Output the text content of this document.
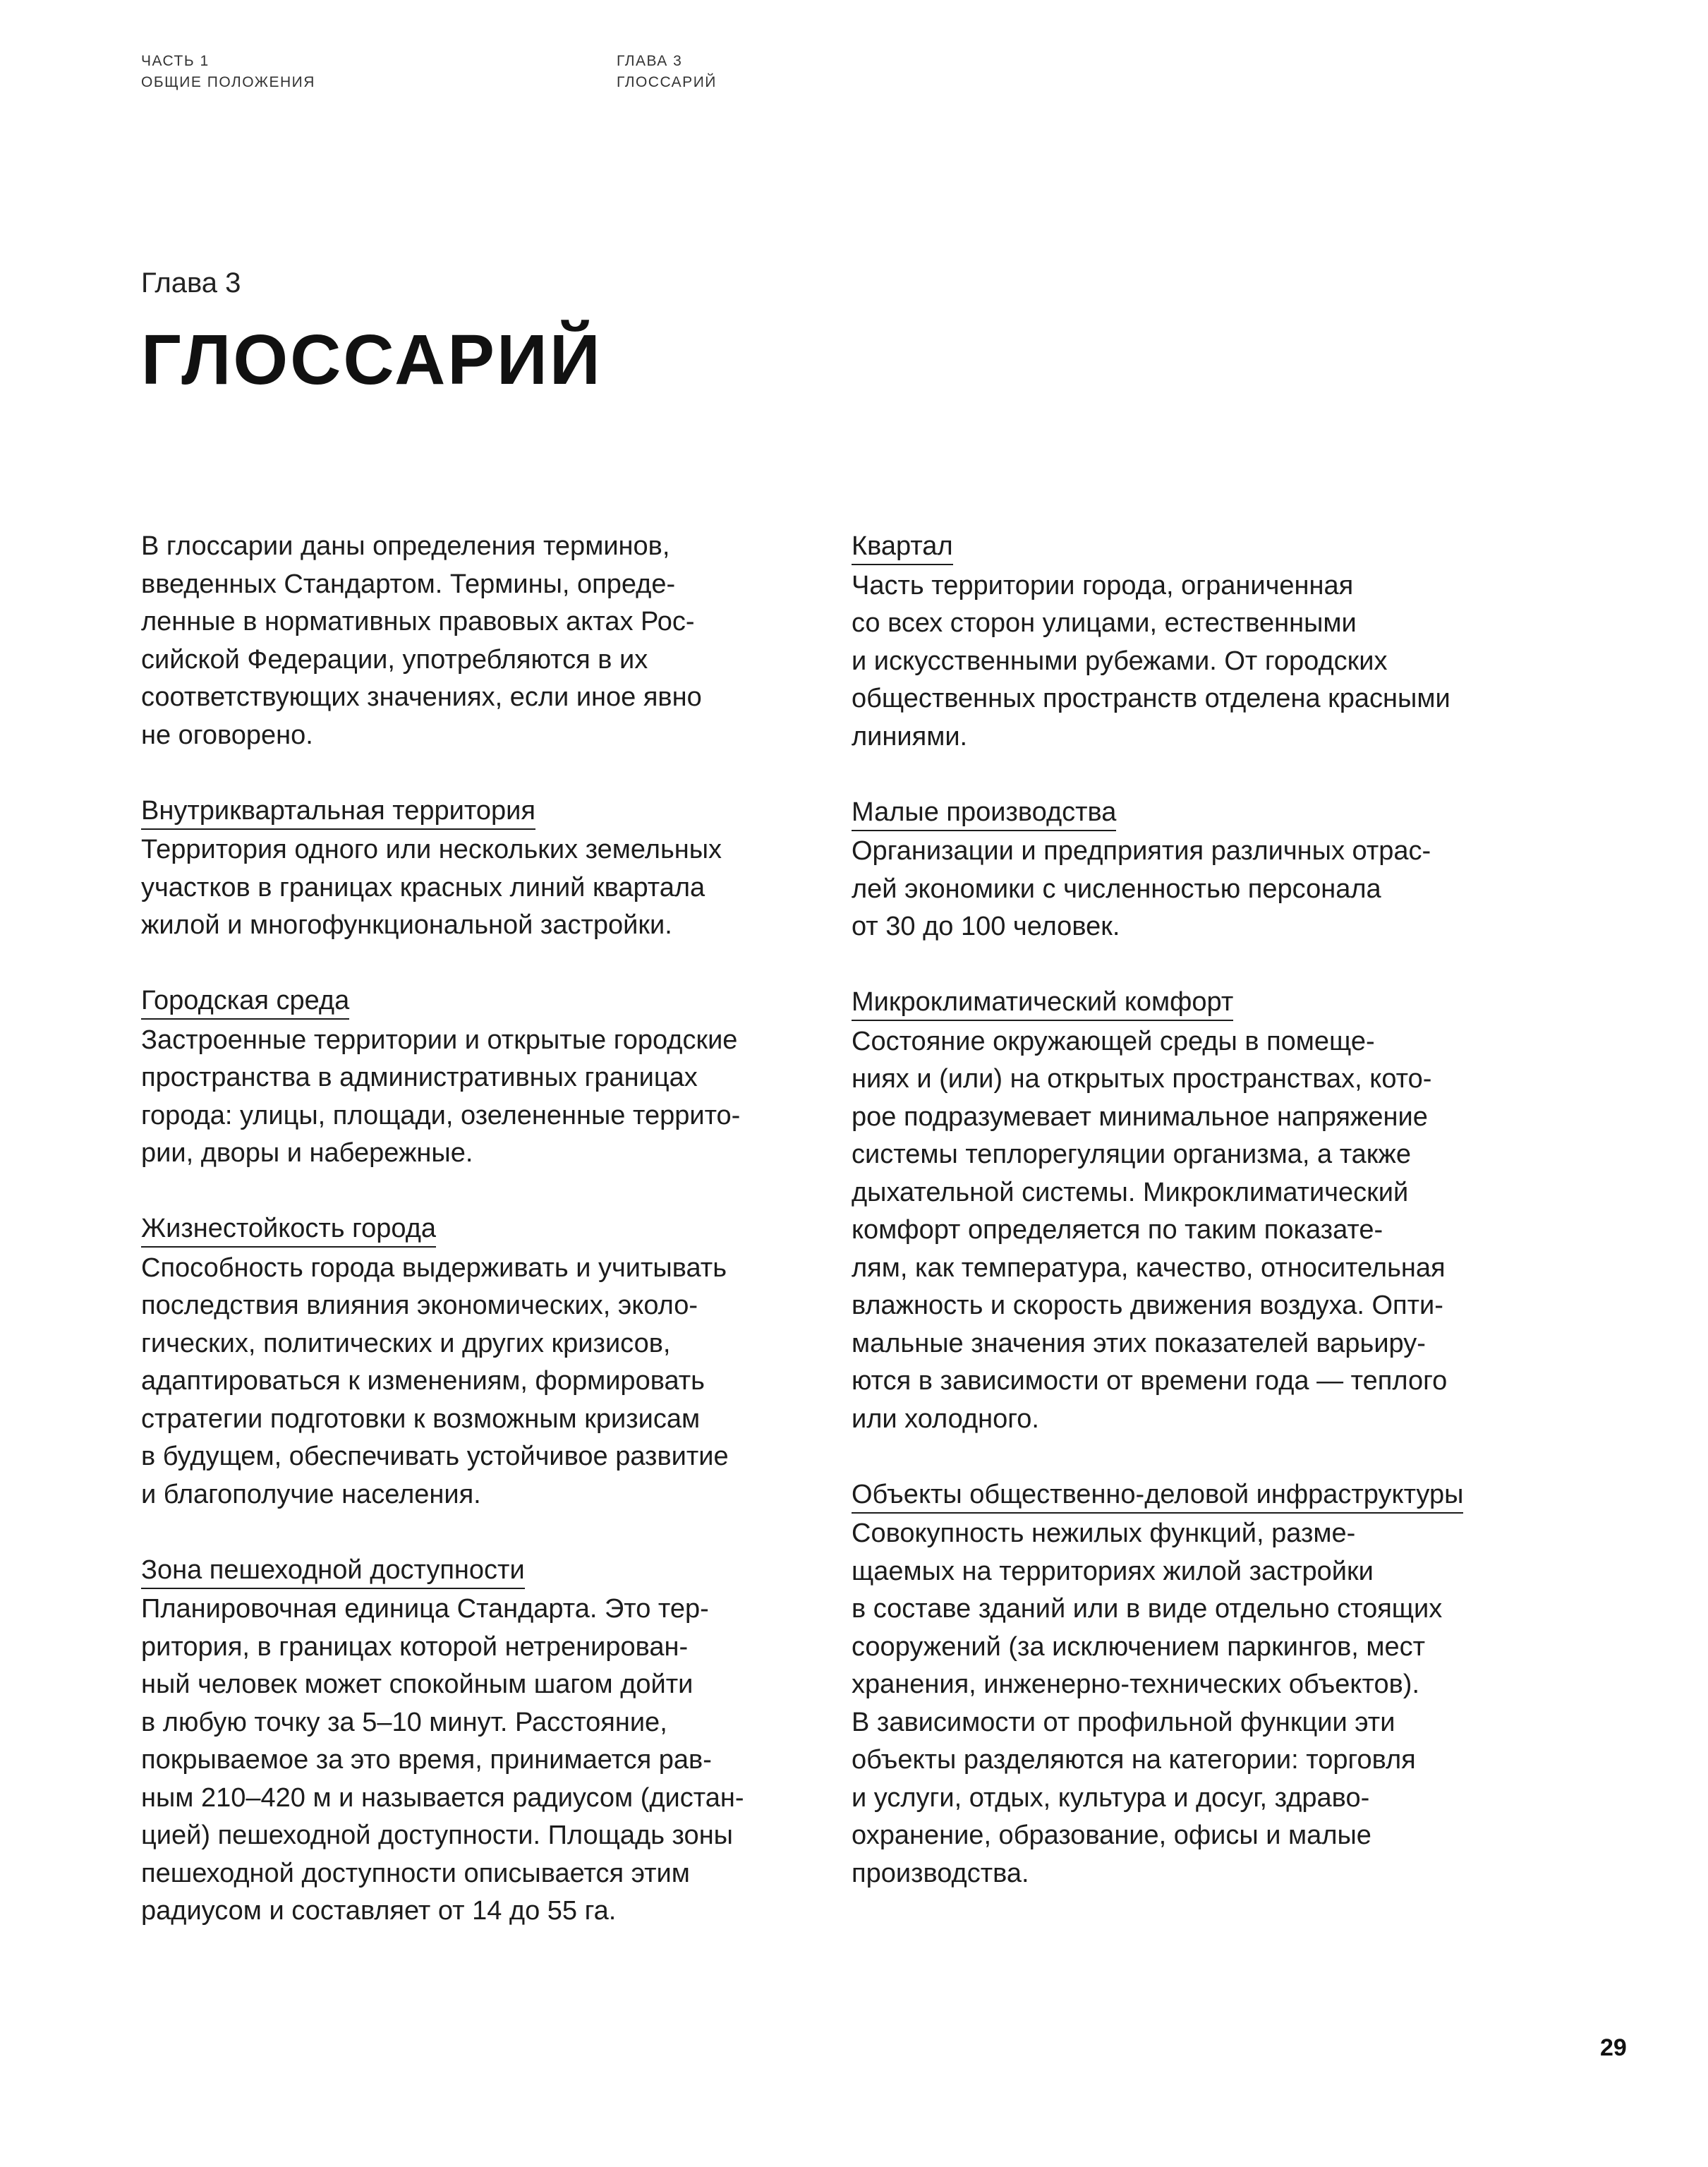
ЧАСТЬ 1
ОБЩИЕ ПОЛОЖЕНИЯ
ГЛАВА 3
ГЛОССАРИЙ
Глава 3
ГЛОССАРИЙ

В глоссарии даны определения терминов,
введенных Стандартом. Термины, опреде-
ленные в нормативных правовых актах Рос-
сийской Федерации, употребляются в их
соответствующих значениях, если иное явно
не оговорено.

Внутриквартальная территория

Территория одного или нескольких земельных
участков в границах красных линий квартала
жилой и многофункциональной застройки.

Городская среда

Застроенные территории и открытые городские
пространства в административных границах
города: улицы, площади, озелененные террито-
рии, дворы и набережные.

Жизнестойкость города

Способность города выдерживать и учитывать
последствия влияния экономических, эколо-
гических, политических и других кризисов,
адаптироваться к изменениям, формировать
стратегии подготовки к возможным кризисам
в будущем, обеспечивать устойчивое развитие
и благополучие населения.

Зона пешеходной доступности

Планировочная единица Стандарта. Это тер-
ритория, в границах которой нетренирован-
ный человек может спокойным шагом дойти
в любую точку за 5–10 минут. Расстояние,
покрываемое за это время, принимается рав-
ным 210–420 м и называется радиусом (дистан-
цией) пешеходной доступности. Площадь зоны
пешеходной доступности описывается этим
радиусом и составляет от 14 до 55 га.

Квартал

Часть территории города, ограниченная
со всех сторон улицами, естественными
и искусственными рубежами. От городских
общественных пространств отделена красными
линиями.

Малые производства

Организации и предприятия различных отрас-
лей экономики с численностью персонала
от 30 до 100 человек.

Микроклиматический комфорт

Состояние окружающей среды в помеще-
ниях и (или) на открытых пространствах, кото-
рое подразумевает минимальное напряжение
системы теплорегуляции организма, а также
дыхательной системы. Микроклиматический
комфорт определяется по таким показате-
лям, как температура, качество, относительная
влажность и скорость движения воздуха. Опти-
мальные значения этих показателей варьиру-
ются в зависимости от времени года — теплого
или холодного.

Объекты общественно-деловой инфраструктуры

Совокупность нежилых функций, разме-
щаемых на территориях жилой застройки
в составе зданий или в виде отдельно стоящих
сооружений (за исключением паркингов, мест
хранения, инженерно-технических объектов).
В зависимости от профильной функции эти
объекты разделяются на категории: торговля
и услуги, отдых, культура и досуг, здраво-
охранение, образование, офисы и малые
производства.

29
